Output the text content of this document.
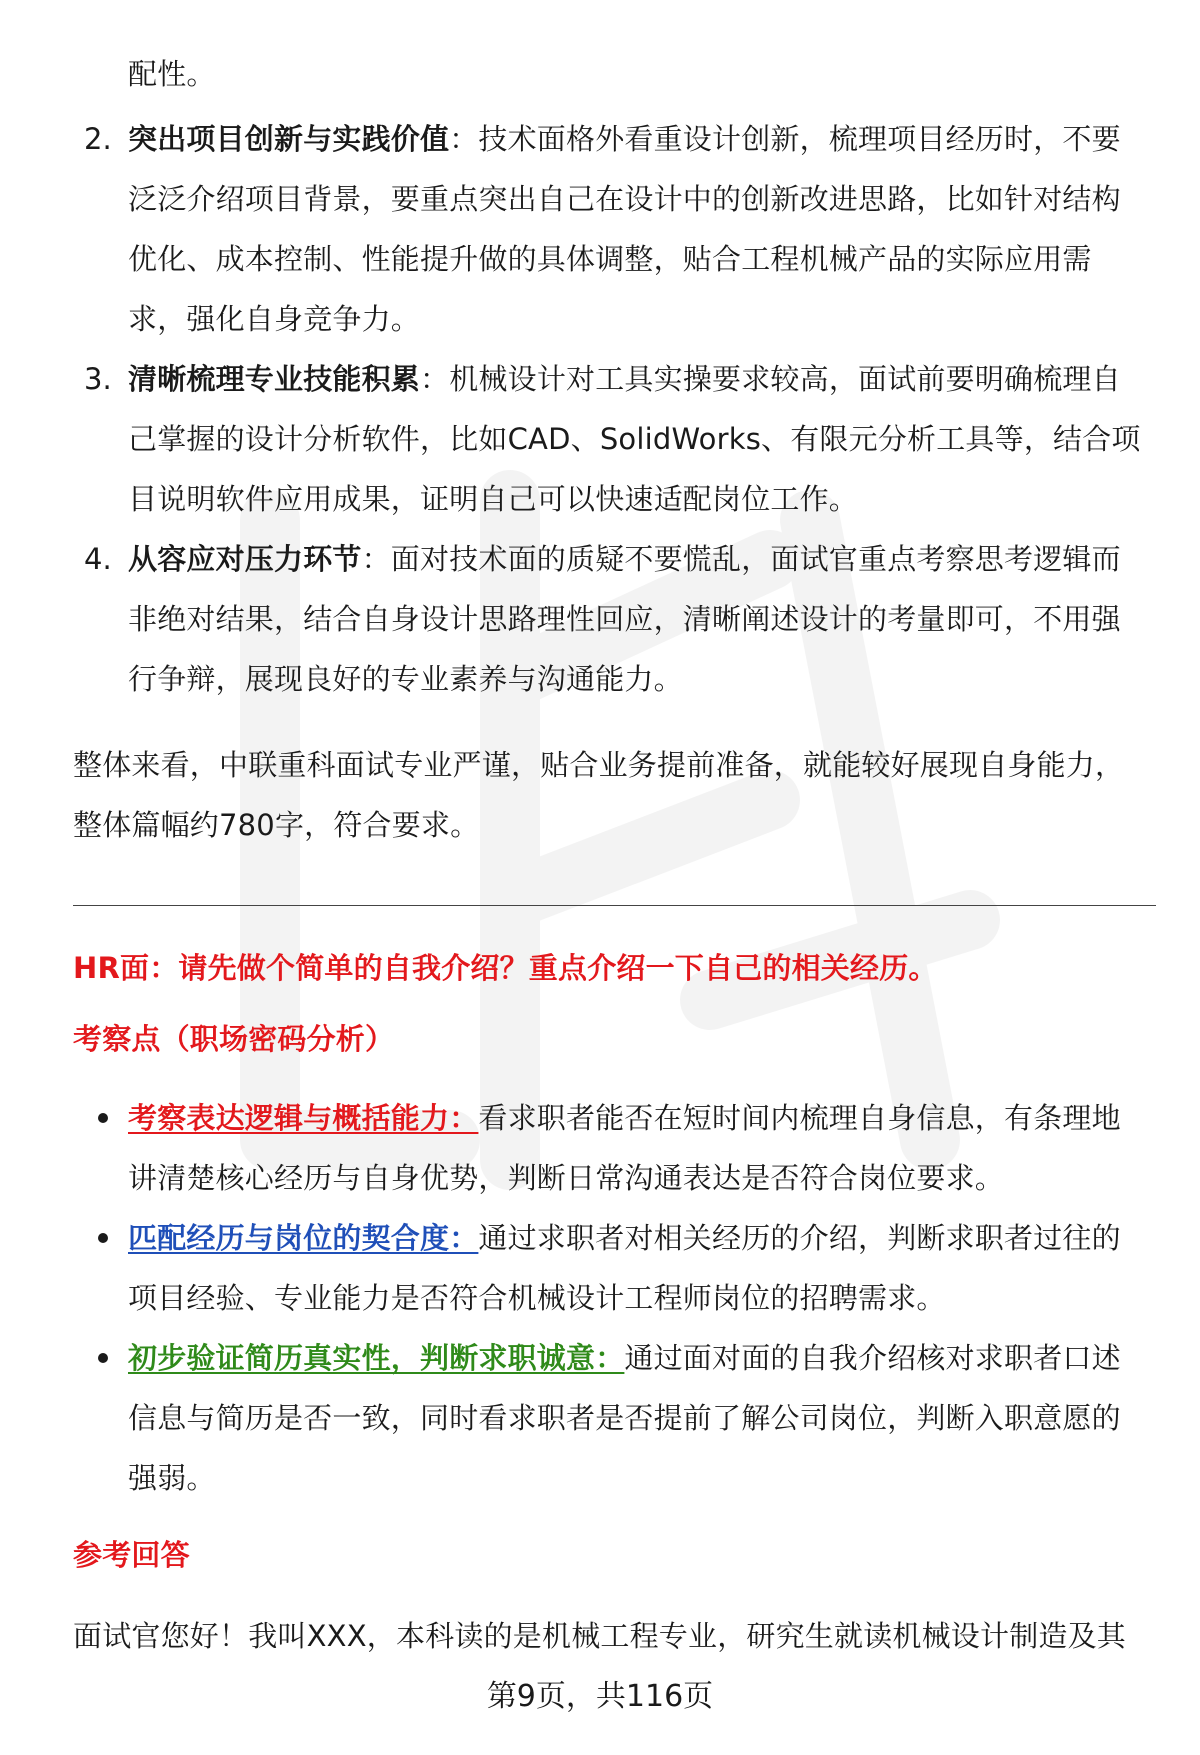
配性。
2. 突出项目创新与实践价值：技术面格外看重设计创新，梳理项目经历时，不要
泛泛介绍项目背景，要重点突出自己在设计中的创新改进思路，比如针对结构
优化、成本控制、性能提升做的具体调整，贴合工程机械产品的实际应用需
求，强化自身竞争力。
3. 清晰梳理专业技能积累：机械设计对工具实操要求较高，面试前要明确梳理自
己掌握的设计分析软件，比如CAD、SolidWorks、有限元分析工具等，结合项
目说明软件应用成果，证明自己可以快速适配岗位工作。
4. 从容应对压力环节：面对技术面的质疑不要慌乱，面试官重点考察思考逻辑而
非绝对结果，结合自身设计思路理性回应，清晰阐述设计的考量即可，不用强
行争辩，展现良好的专业素养与沟通能力。
整体来看，中联重科面试专业严谨，贴合业务提前准备，就能较好展现自身能力，
整体篇幅约780字，符合要求。
HR面：请先做个简单的自我介绍？重点介绍一下自己的相关经历。
考察点（职场密码分析）
考察表达逻辑与概括能力：看求职者能否在短时间内梳理自身信息，有条理地
讲清楚核心经历与自身优势，判断日常沟通表达是否符合岗位要求。
匹配经历与岗位的契合度：通过求职者对相关经历的介绍，判断求职者过往的
项目经验、专业能力是否符合机械设计工程师岗位的招聘需求。
初步验证简历真实性，判断求职诚意：通过面对面的自我介绍核对求职者口述
信息与简历是否一致，同时看求职者是否提前了解公司岗位，判断入职意愿的
强弱。
参考回答
面试官您好！我叫XXX，本科读的是机械工程专业，研究生就读机械设计制造及其
第9页，共116页
